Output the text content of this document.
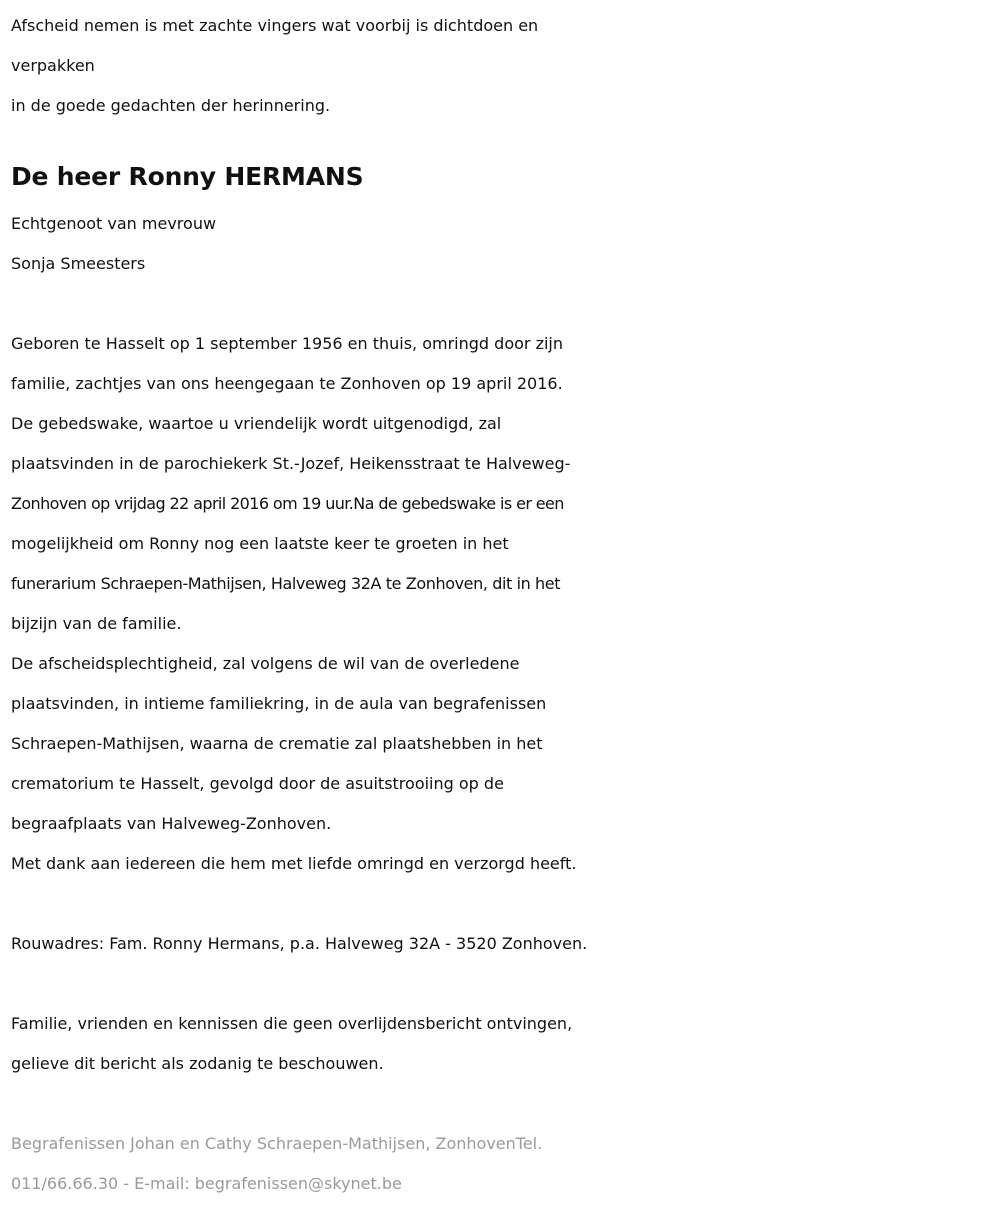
Afscheid nemen is met zachte vingers wat voorbij is dichtdoen en
verpakken
in de goede gedachten der herinnering.
De heer Ronny HERMANS
Echtgenoot van mevrouw
Sonja Smeesters
Geboren te Hasselt op 1 september 1956 en thuis, omringd door zijn
familie, zachtjes van ons heengegaan te Zonhoven op 19 april 2016.
De gebedswake, waartoe u vriendelijk wordt uitgenodigd, zal
plaatsvinden in de parochiekerk St.-Jozef, Heikensstraat te Halveweg-
Zonhoven op vrijdag 22 april 2016 om 19 uur.Na de gebedswake is er een
mogelijkheid om Ronny nog een laatste keer te groeten in het
funerarium Schraepen-Mathijsen, Halveweg 32A te Zonhoven, dit in het
bijzijn van de familie.
De afscheidsplechtigheid, zal volgens de wil van de overledene
plaatsvinden, in intieme familiekring, in de aula van begrafenissen
Schraepen-Mathijsen, waarna de crematie zal plaatshebben in het
crematorium te Hasselt, gevolgd door de asuitstrooiing op de
begraafplaats van Halveweg-Zonhoven.
Met dank aan iedereen die hem met liefde omringd en verzorgd heeft.
Rouwadres: Fam. Ronny Hermans, p.a. Halveweg 32A - 3520 Zonhoven.
Familie, vrienden en kennissen die geen overlijdensbericht ontvingen,
gelieve dit bericht als zodanig te beschouwen.
Begrafenissen Johan en Cathy Schraepen-Mathijsen, ZonhovenTel.
011/66.66.30 - E-mail: begrafenissen@skynet.be
